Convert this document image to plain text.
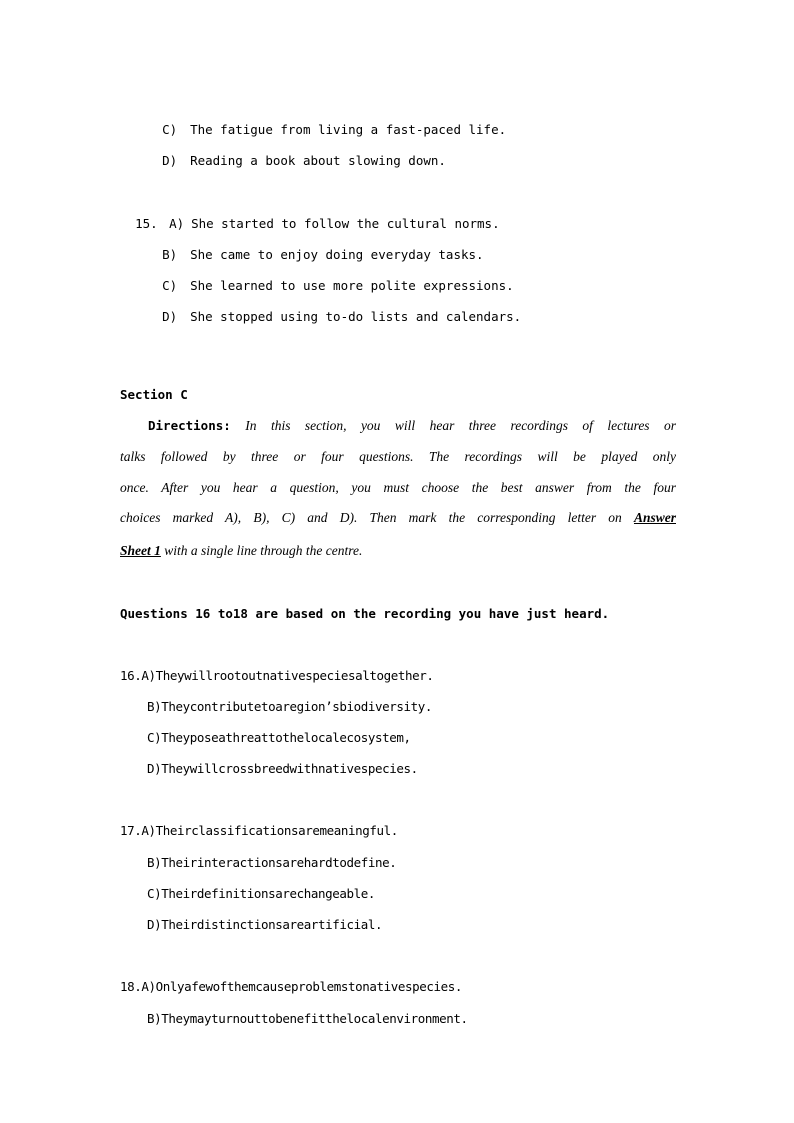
C) The fatigue from living a fast-paced life.

D) Reading a book about slowing down.

15. A) She started to follow the cultural norms.

B) She came to enjoy doing everyday tasks.

C) She learned to use more polite expressions.

D) She stopped using to-do lists and calendars.

Section C
Directions: In this section, you will hear three recordings of lectures or
talks followed by three or four questions. The recordings will be played only
once. After you hear a question, you must choose the best answer from the four
choices marked A), B), C) and D). Then mark the corresponding letter on Answer
Sheet 1 with a single line through the centre.
Questions 16 to18 are based on the recording you have just heard.
16.A)Theywillrootoutnativespeciesaltogether.
B)Theycontributetoaregion’sbiodiversity.
C)Theyposeathreattothelocalecosystem,
D)Theywillcrossbreedwithnativespecies.
17.A)Theirclassificationsaremeaningful.
B)Theirinteractionsarehardtodefine.
C)Theirdefinitionsarechangeable.
D)Theirdistinctionsareartificial.
18.A)Onlyafewofthemcauseproblemstonativespecies.
B)Theymayturnouttobenefitthelocalenvironment.
